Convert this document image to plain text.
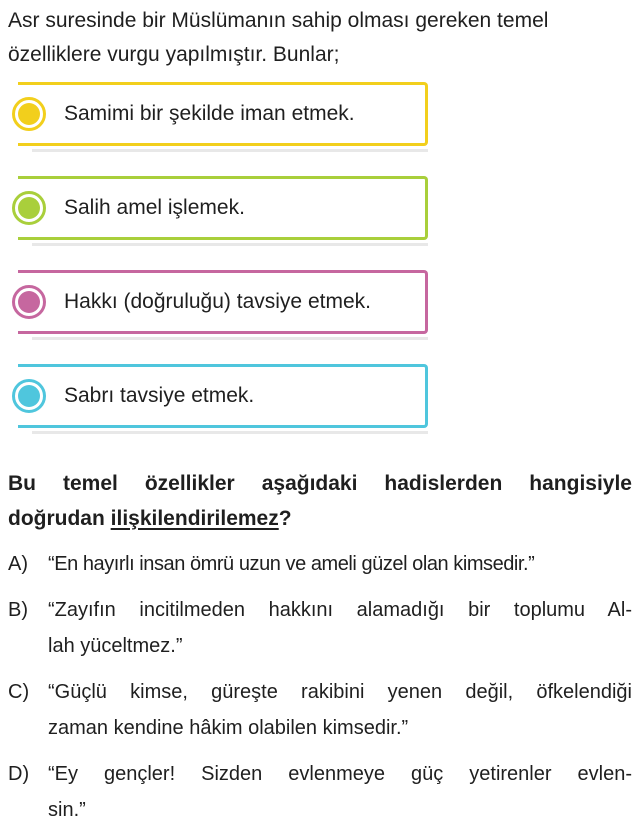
Asr suresinde bir Müslümanın sahip olması gereken temel
özelliklere vurgu yapılmıştır. Bunlar;

Samimi bir şekilde iman etmek.
Salih amel işlemek.
Hakkı (doğruluğu) tavsiye etmek.
Sabrı tavsiye etmek.

Bu temel özellikler aşağıdaki hadislerden hangisiyle
doğrudan ilişkilendirilemez?

A)	“En hayırlı insan ömrü uzun ve ameli güzel olan kimsedir.”
B)	“Zayıfın incitilmeden hakkını alamadığı bir toplumu Al-
lah yüceltmez.”
C) “Güçlü kimse, güreşte rakibini yenen değil, öfkelendiği
zaman kendine hâkim olabilen kimsedir.”
D) “Ey gençler! Sizden evlenmeye güç yetirenler evlen-
sin.”
